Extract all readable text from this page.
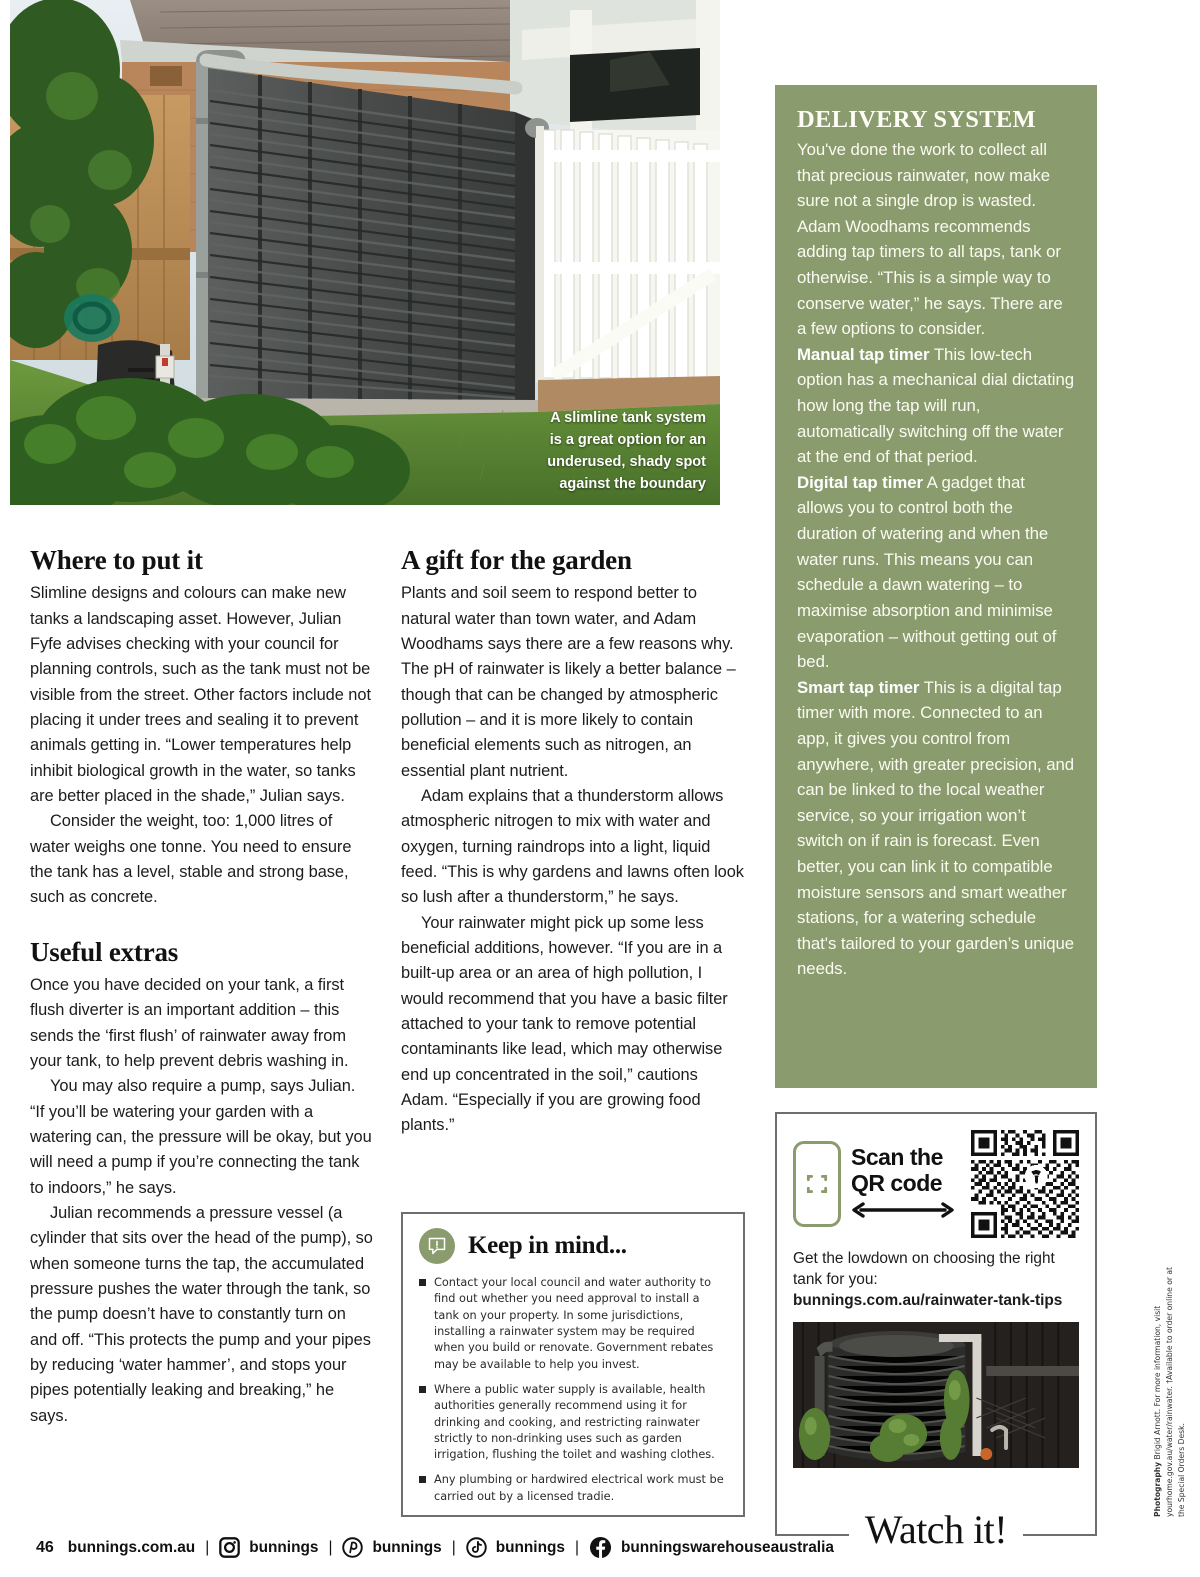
A slimline tank system
is a great option for an
underused, shady spot
against the boundary
Where to put it

Slimline designs and colours can make new tanks a landscaping asset. However, Julian Fyfe advises checking with your council for planning controls, such as the tank must not be visible from the street. Other factors include not placing it under trees and sealing it to prevent animals getting in. “Lower temperatures help inhibit biological growth in the water, so tanks are better placed in the shade,” Julian says.

Consider the weight, too: 1,000 litres of water weighs one tonne. You need to ensure the tank has a level, stable and strong base, such as concrete.

Useful extras

Once you have decided on your tank, a first flush diverter is an important addition – this sends the ‘first flush’ of rainwater away from your tank, to help prevent debris washing in.

You may also require a pump, says Julian. “If you’ll be watering your garden with a watering can, the pressure will be okay, but you will need a pump if you’re connecting the tank to indoors,” he says.

Julian recommends a pressure vessel (a cylinder that sits over the head of the pump), so when someone turns the tap, the accumulated pressure pushes the water through the tank, so the pump doesn’t have to constantly turn on and off. “This protects the pump and your pipes by reducing ‘water hammer’, and stops your pipes potentially leaking and breaking,” he says.

A gift for the garden

Plants and soil seem to respond better to natural water than town water, and Adam Woodhams says there are a few reasons why. The pH of rainwater is likely a better balance – though that can be changed by atmospheric pollution – and it is more likely to contain beneficial elements such as nitrogen, an essential plant nutrient.

Adam explains that a thunderstorm allows atmospheric nitrogen to mix with water and oxygen, turning raindrops into a light, liquid feed. “This is why gardens and lawns often look so lush after a thunderstorm,” he says.

Your rainwater might pick up some less beneficial additions, however. “If you are in a built-up area or an area of high pollution, I would recommend that you have a basic filter attached to your tank to remove potential contaminants like lead, which may otherwise end up concentrated in the soil,” cautions Adam. “Especially if you are growing food plants.”

Keep in mind...
Contact your local council and water authority to find out whether you need approval to install a tank on your property. In some jurisdictions, installing a rainwater system may be required when you build or renovate. Government rebates may be available to help you invest.
Where a public water supply is available, health authorities generally recommend using it for drinking and cooking, and restricting rainwater strictly to non-drinking uses such as garden irrigation, flushing the toilet and washing clothes.
Any plumbing or hardwired electrical work must be carried out by a licensed tradie.
DELIVERY SYSTEM

You've done the work to collect all that precious rainwater, now make sure not a single drop is wasted. Adam Woodhams recommends adding tap timers to all taps, tank or otherwise. “This is a simple way to conserve water,” he says. There are a few options to consider.

Manual tap timer This low-tech option has a mechanical dial dictating how long the tap will run, automatically switching off the water at the end of that period.

Digital tap timer A gadget that allows you to control both the duration of watering and when the water runs. This means you can schedule a dawn watering – to maximise absorption and minimise evaporation – without getting out of bed.

Smart tap timer This is a digital tap timer with more. Connected to an app, it gives you control from anywhere, with greater precision, and can be linked to the local weather service, so your irrigation won’t switch on if rain is forecast. Even better, you can link it to compatible moisture sensors and smart weather stations, for a watering schedule that's tailored to your garden’s unique needs.

Scan the
QR code
Get the lowdown on choosing the right tank for you: bunnings.com.au/rainwater-tank-tips
Watch it!
Photography Brigid Arnott. For more information, visit yourhome.gov.au/water/rainwater. †Available to order online or at the Special Orders Desk.
46 bunnings.com.au |	bunnings |	bunnings |	bunnings |	bunningswarehouseaustralia
